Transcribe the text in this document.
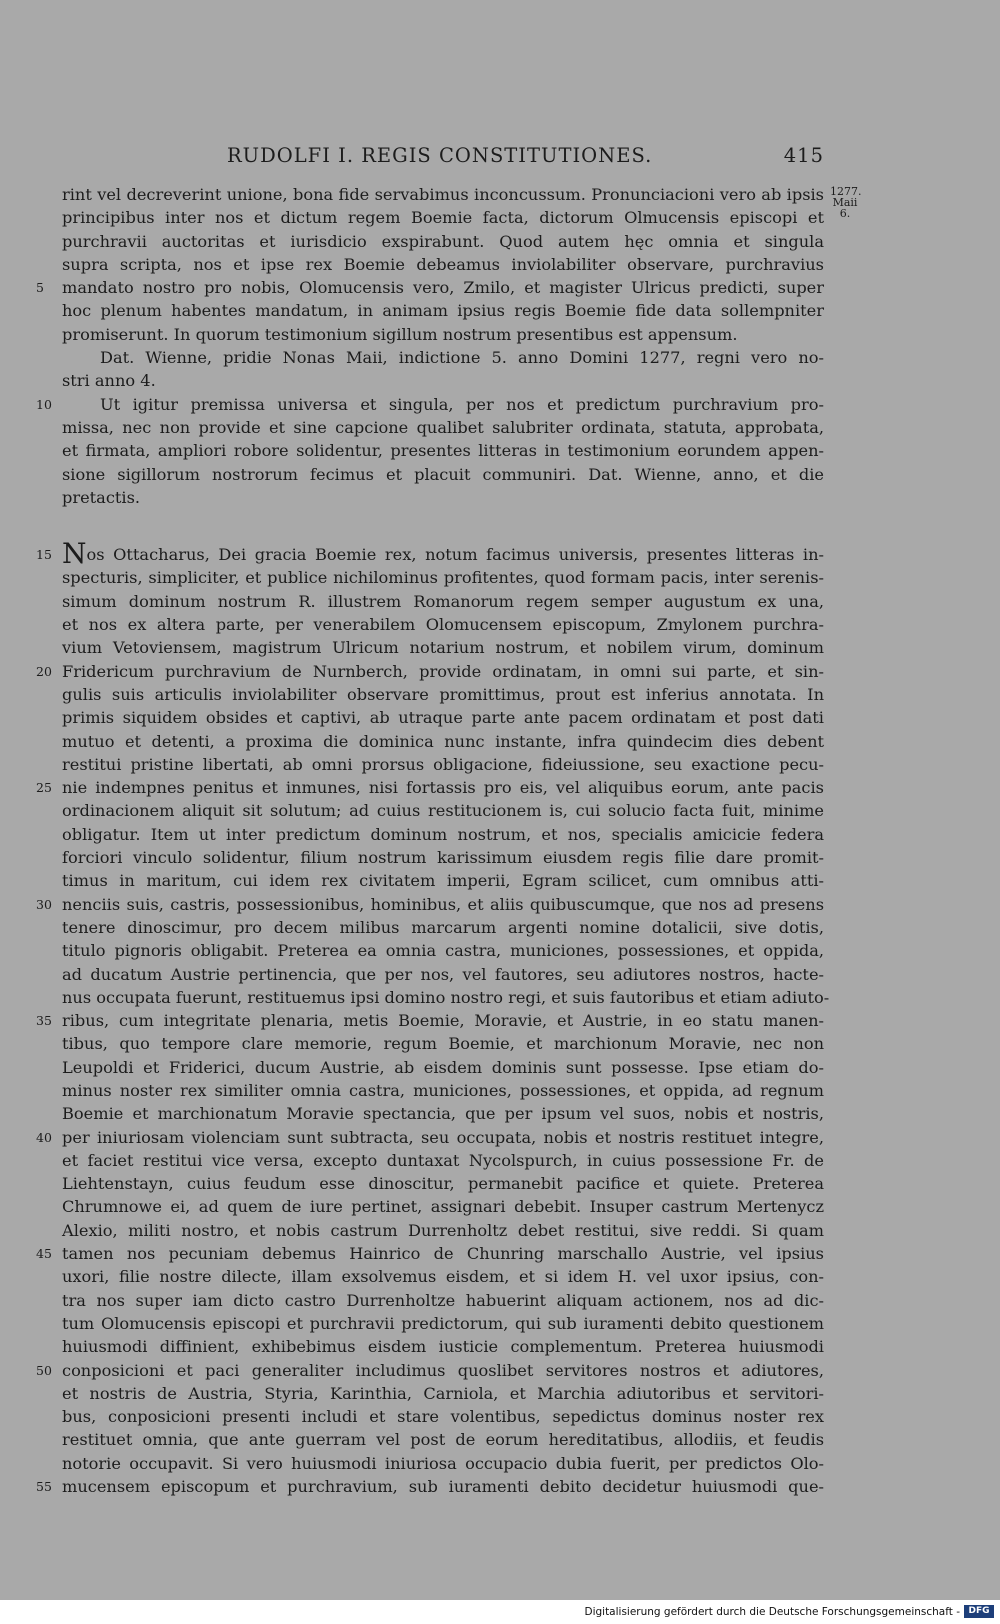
RUDOLFI I. REGIS CONSTITUTIONES.	415
1277.
Maii
6.
rint vel decreverint unione, bona fide servabimus inconcussum. Pronunciacioni vero ab ipsis
principibus inter nos et dictum regem Boemie facta, dictorum Olmucensis episcopi et
purchravii auctoritas et iurisdicio exspirabunt. Quod autem hęc omnia et singula
supra scripta, nos et ipse rex Boemie debeamus inviolabiliter observare, purchravius
5	mandato nostro pro nobis, Olomucensis vero, Zmilo, et magister Ulricus predicti, super
hoc plenum habentes mandatum, in animam ipsius regis Boemie fide data sollempniter
promiserunt. In quorum testimonium sigillum nostrum presentibus est appensum.
Dat. Wienne, pridie Nonas Maii, indictione 5. anno Domini 1277, regni vero no-
stri anno 4.
10	Ut igitur premissa universa et singula, per nos et predictum purchravium pro-
missa, nec non provide et sine capcione qualibet salubriter ordinata, statuta, approbata,
et firmata, ampliori robore solidentur, presentes litteras in testimonium eorundem appen-
sione sigillorum nostrorum fecimus et placuit communiri. Dat. Wienne, anno, et die
pretactis.
15 Nos Ottacharus, Dei gracia Boemie rex, notum facimus universis, presentes litteras in-
specturis, simpliciter, et publice nichilominus profitentes, quod formam pacis, inter serenis-
simum dominum nostrum R. illustrem Romanorum regem semper augustum ex una,
et nos ex altera parte, per venerabilem Olomucensem episcopum, Zmylonem purchra-
vium Vetoviensem, magistrum Ulricum notarium nostrum, et nobilem virum, dominum
20 Fridericum purchravium de Nurnberch, provide ordinatam, in omni sui parte, et sin-
gulis suis articulis inviolabiliter observare promittimus, prout est inferius annotata. In
primis siquidem obsides et captivi, ab utraque parte ante pacem ordinatam et post dati
mutuo et detenti, a proxima die dominica nunc instante, infra quindecim dies debent
restitui pristine libertati, ab omni prorsus obligacione, fideiussione, seu exactione pecu-
25 nie indempnes penitus et inmunes, nisi fortassis pro eis, vel aliquibus eorum, ante pacis
ordinacionem aliquit sit solutum; ad cuius restitucionem is, cui solucio facta fuit, minime
obligatur. Item ut inter predictum dominum nostrum, et nos, specialis amicicie federa
forciori vinculo solidentur, filium nostrum karissimum eiusdem regis filie dare promit-
timus in maritum, cui idem rex civitatem imperii, Egram scilicet, cum omnibus atti-
30 nenciis suis, castris, possessionibus, hominibus, et aliis quibuscumque, que nos ad presens
tenere dinoscimur, pro decem milibus marcarum argenti nomine dotalicii, sive dotis,
titulo pignoris obligabit. Preterea ea omnia castra, municiones, possessiones, et oppida,
ad ducatum Austrie pertinencia, que per nos, vel fautores, seu adiutores nostros, hacte-
nus occupata fuerunt, restituemus ipsi domino nostro regi, et suis fautoribus et etiam adiuto-
35 ribus, cum integritate plenaria, metis Boemie, Moravie, et Austrie, in eo statu manen-
tibus, quo tempore clare memorie, regum Boemie, et marchionum Moravie, nec non
Leupoldi et Friderici, ducum Austrie, ab eisdem dominis sunt possesse. Ipse etiam do-
minus noster rex similiter omnia castra, municiones, possessiones, et oppida, ad regnum
Boemie et marchionatum Moravie spectancia, que per ipsum vel suos, nobis et nostris,
40 per iniuriosam violenciam sunt subtracta, seu occupata, nobis et nostris restituet integre,
et faciet restitui vice versa, excepto duntaxat Nycolspurch, in cuius possessione Fr. de
Liehtenstayn, cuius feudum esse dinoscitur, permanebit pacifice et quiete. Preterea
Chrumnowe ei, ad quem de iure pertinet, assignari debebit. Insuper castrum Mertenycz
Alexio, militi nostro, et nobis castrum Durrenholtz debet restitui, sive reddi. Si quam
45 tamen nos pecuniam debemus Hainrico de Chunring marschallo Austrie, vel ipsius
uxori, filie nostre dilecte, illam exsolvemus eisdem, et si idem H. vel uxor ipsius, con-
tra nos super iam dicto castro Durrenholtze habuerint aliquam actionem, nos ad dic-
tum Olomucensis episcopi et purchravii predictorum, qui sub iuramenti debito questionem
huiusmodi diffinient, exhibebimus eisdem iusticie complementum. Preterea huiusmodi
50 conposicioni et paci generaliter includimus quoslibet servitores nostros et adiutores,
et nostris de Austria, Styria, Karinthia, Carniola, et Marchia adiutoribus et servitori-
bus, conposicioni presenti includi et stare volentibus, sepedictus dominus noster rex
restituet omnia, que ante guerram vel post de eorum hereditatibus, allodiis, et feudis
notorie occupavit. Si vero huiusmodi iniuriosa occupacio dubia fuerit, per predictos Olo-
55 mucensem episcopum et purchravium, sub iuramenti debito decidetur huiusmodi que-
Digitalisierung gefördert durch die Deutsche Forschungsgemeinschaft - DFG
